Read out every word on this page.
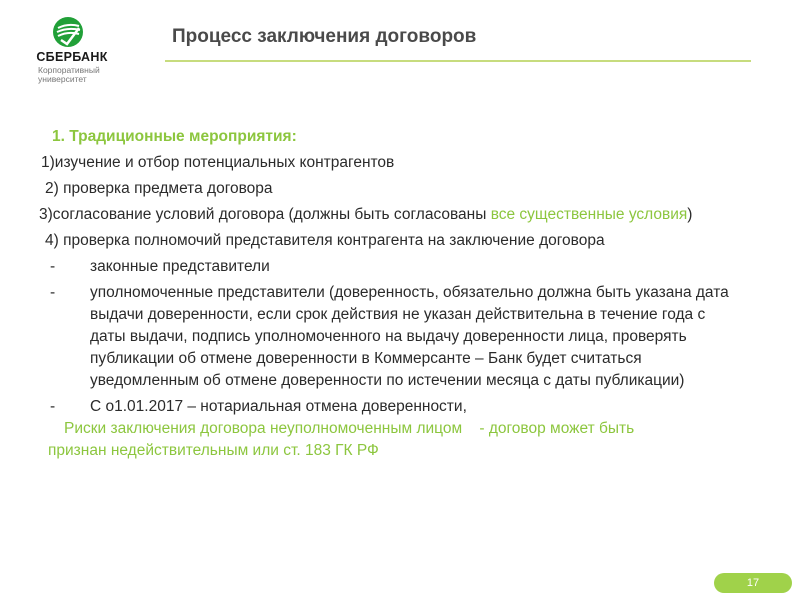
СБЕРБАНК
Корпоративный
университет
Процесс заключения договоров
1. Традиционные мероприятия:
1)изучение и отбор потенциальных контрагентов
2) проверка предмета договора
3)согласование условий договора (должны быть согласованы все существенные условия)
4) проверка полномочий представителя контрагента на заключение договора
-	законные представители
-	уполномоченные представители (доверенность, обязательно должна быть указана дата выдачи доверенности, если срок действия не указан действительна в течение года с даты выдачи, подпись уполномоченного на выдачу доверенности лица, проверять публикации об отмене доверенности в Коммерсанте – Банк будет считаться уведомленным об отмене доверенности по истечении месяца с даты публикации)
-	С о1.01.2017 – нотариальная отмена доверенности,
Риски заключения договора неуполномоченным лицом    - договор может быть
признан недействительным или ст. 183 ГК РФ
17
